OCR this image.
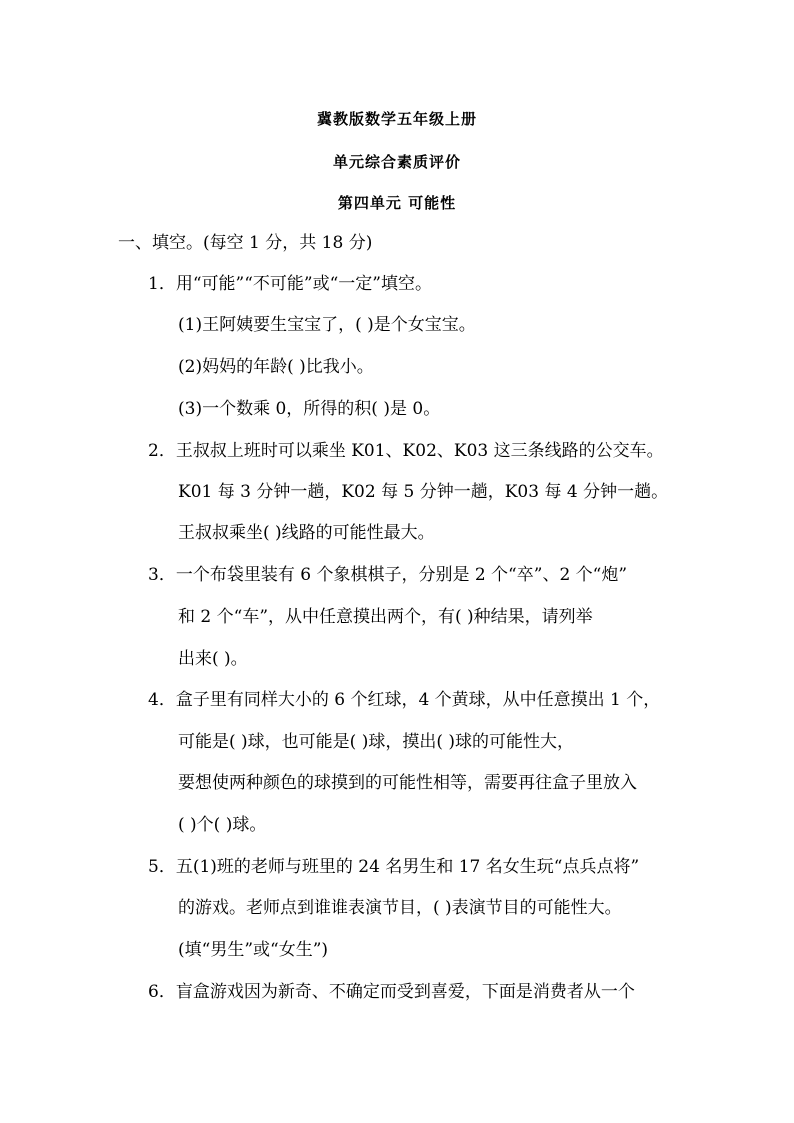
冀教版数学五年级上册
单元综合素质评价
第四单元 可能性
一、填空。(每空 1 分，共 18 分)
1．用“可能”“不可能”或“一定”填空。
(1)王阿姨要生宝宝了，( )是个女宝宝。
(2)妈妈的年龄( )比我小。
(3)一个数乘 0，所得的积( )是 0。
2．王叔叔上班时可以乘坐 K01、K02、K03 这三条线路的公交车。
K01 每 3 分钟一趟，K02 每 5 分钟一趟，K03 每 4 分钟一趟。
王叔叔乘坐( )线路的可能性最大。
3．一个布袋里装有 6 个象棋棋子，分别是 2 个“卒”、2 个“炮”
和 2 个“车”，从中任意摸出两个，有( )种结果，请列举
出来( )。
4．盒子里有同样大小的 6 个红球，4 个黄球，从中任意摸出 1 个，
可能是( )球，也可能是( )球，摸出( )球的可能性大，
要想使两种颜色的球摸到的可能性相等，需要再往盒子里放入
( )个( )球。
5．五(1)班的老师与班里的 24 名男生和 17 名女生玩“点兵点将”
的游戏。老师点到谁谁表演节目，( )表演节目的可能性大。
(填“男生”或“女生”)
6．盲盒游戏因为新奇、不确定而受到喜爱，下面是消费者从一个
